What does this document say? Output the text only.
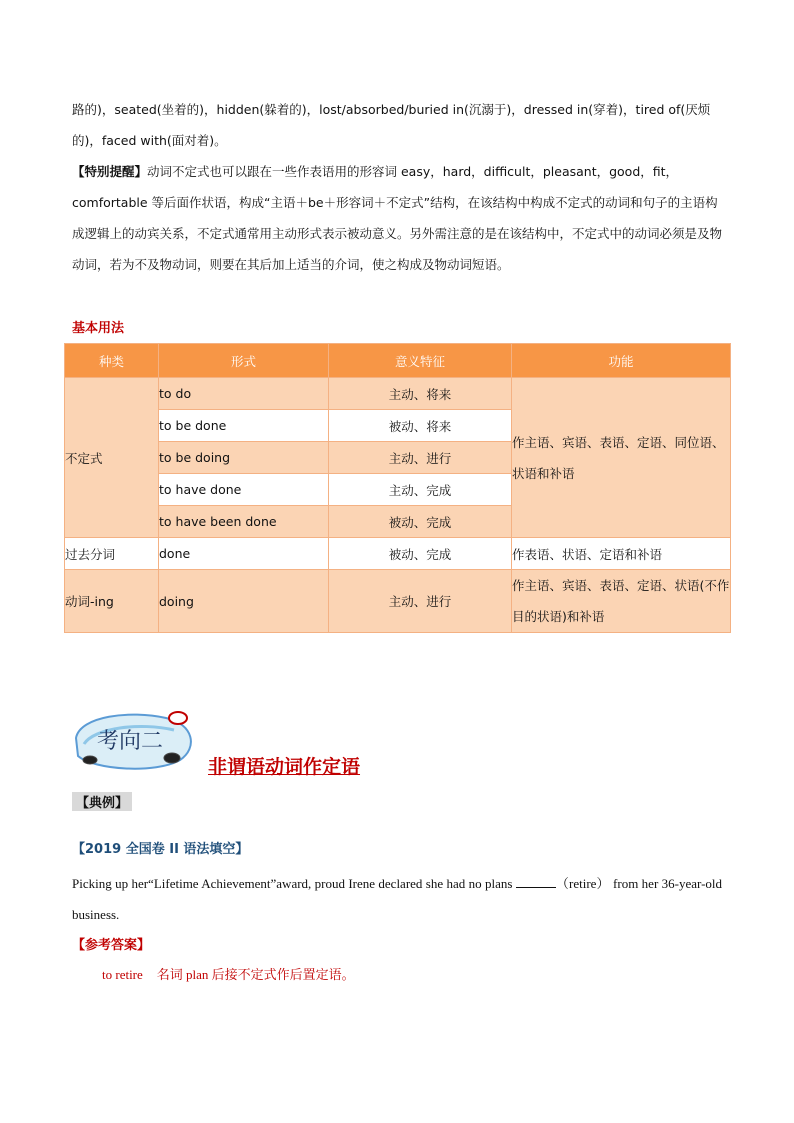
路的)，seated(坐着的)，hidden(躲着的)，lost/absorbed/buried in(沉溺于)，dressed in(穿着)，tired of(厌烦的)，faced with(面对着)。
【特别提醒】动词不定式也可以跟在一些作表语用的形容词 easy，hard，difficult，pleasant，good，fit，comfortable 等后面作状语，构成“主语＋be＋形容词＋不定式”结构，在该结构中构成不定式的动词和句子的主语构成逻辑上的动宾关系，不定式通常用主动形式表示被动意义。另外需注意的是在该结构中，不定式中的动词必须是及物动词，若为不及物动词，则要在其后加上适当的介词，使之构成及物动词短语。
基本用法
种类	形式	意义特征	功能
不定式	to do	主动、将来	作主语、宾语、表语、定语、同位语、状语和补语
	to be done	被动、将来	
	to be doing	主动、进行	
	to have done	主动、完成	
	to have been done	被动、完成	
过去分词	done	被动、完成	作表语、状语、定语和补语
动词-ing	doing	主动、进行	作主语、宾语、表语、定语、状语(不作目的状语)和补语
考向二
非谓语动词作定语
【典例】
【2019 全国卷 II 语法填空】
Picking up her“Lifetime Achievement”award, proud Irene declared she had no plans	（retire） from her 36-year-old business.
【参考答案】
to retire 名词 plan 后接不定式作后置定语。
